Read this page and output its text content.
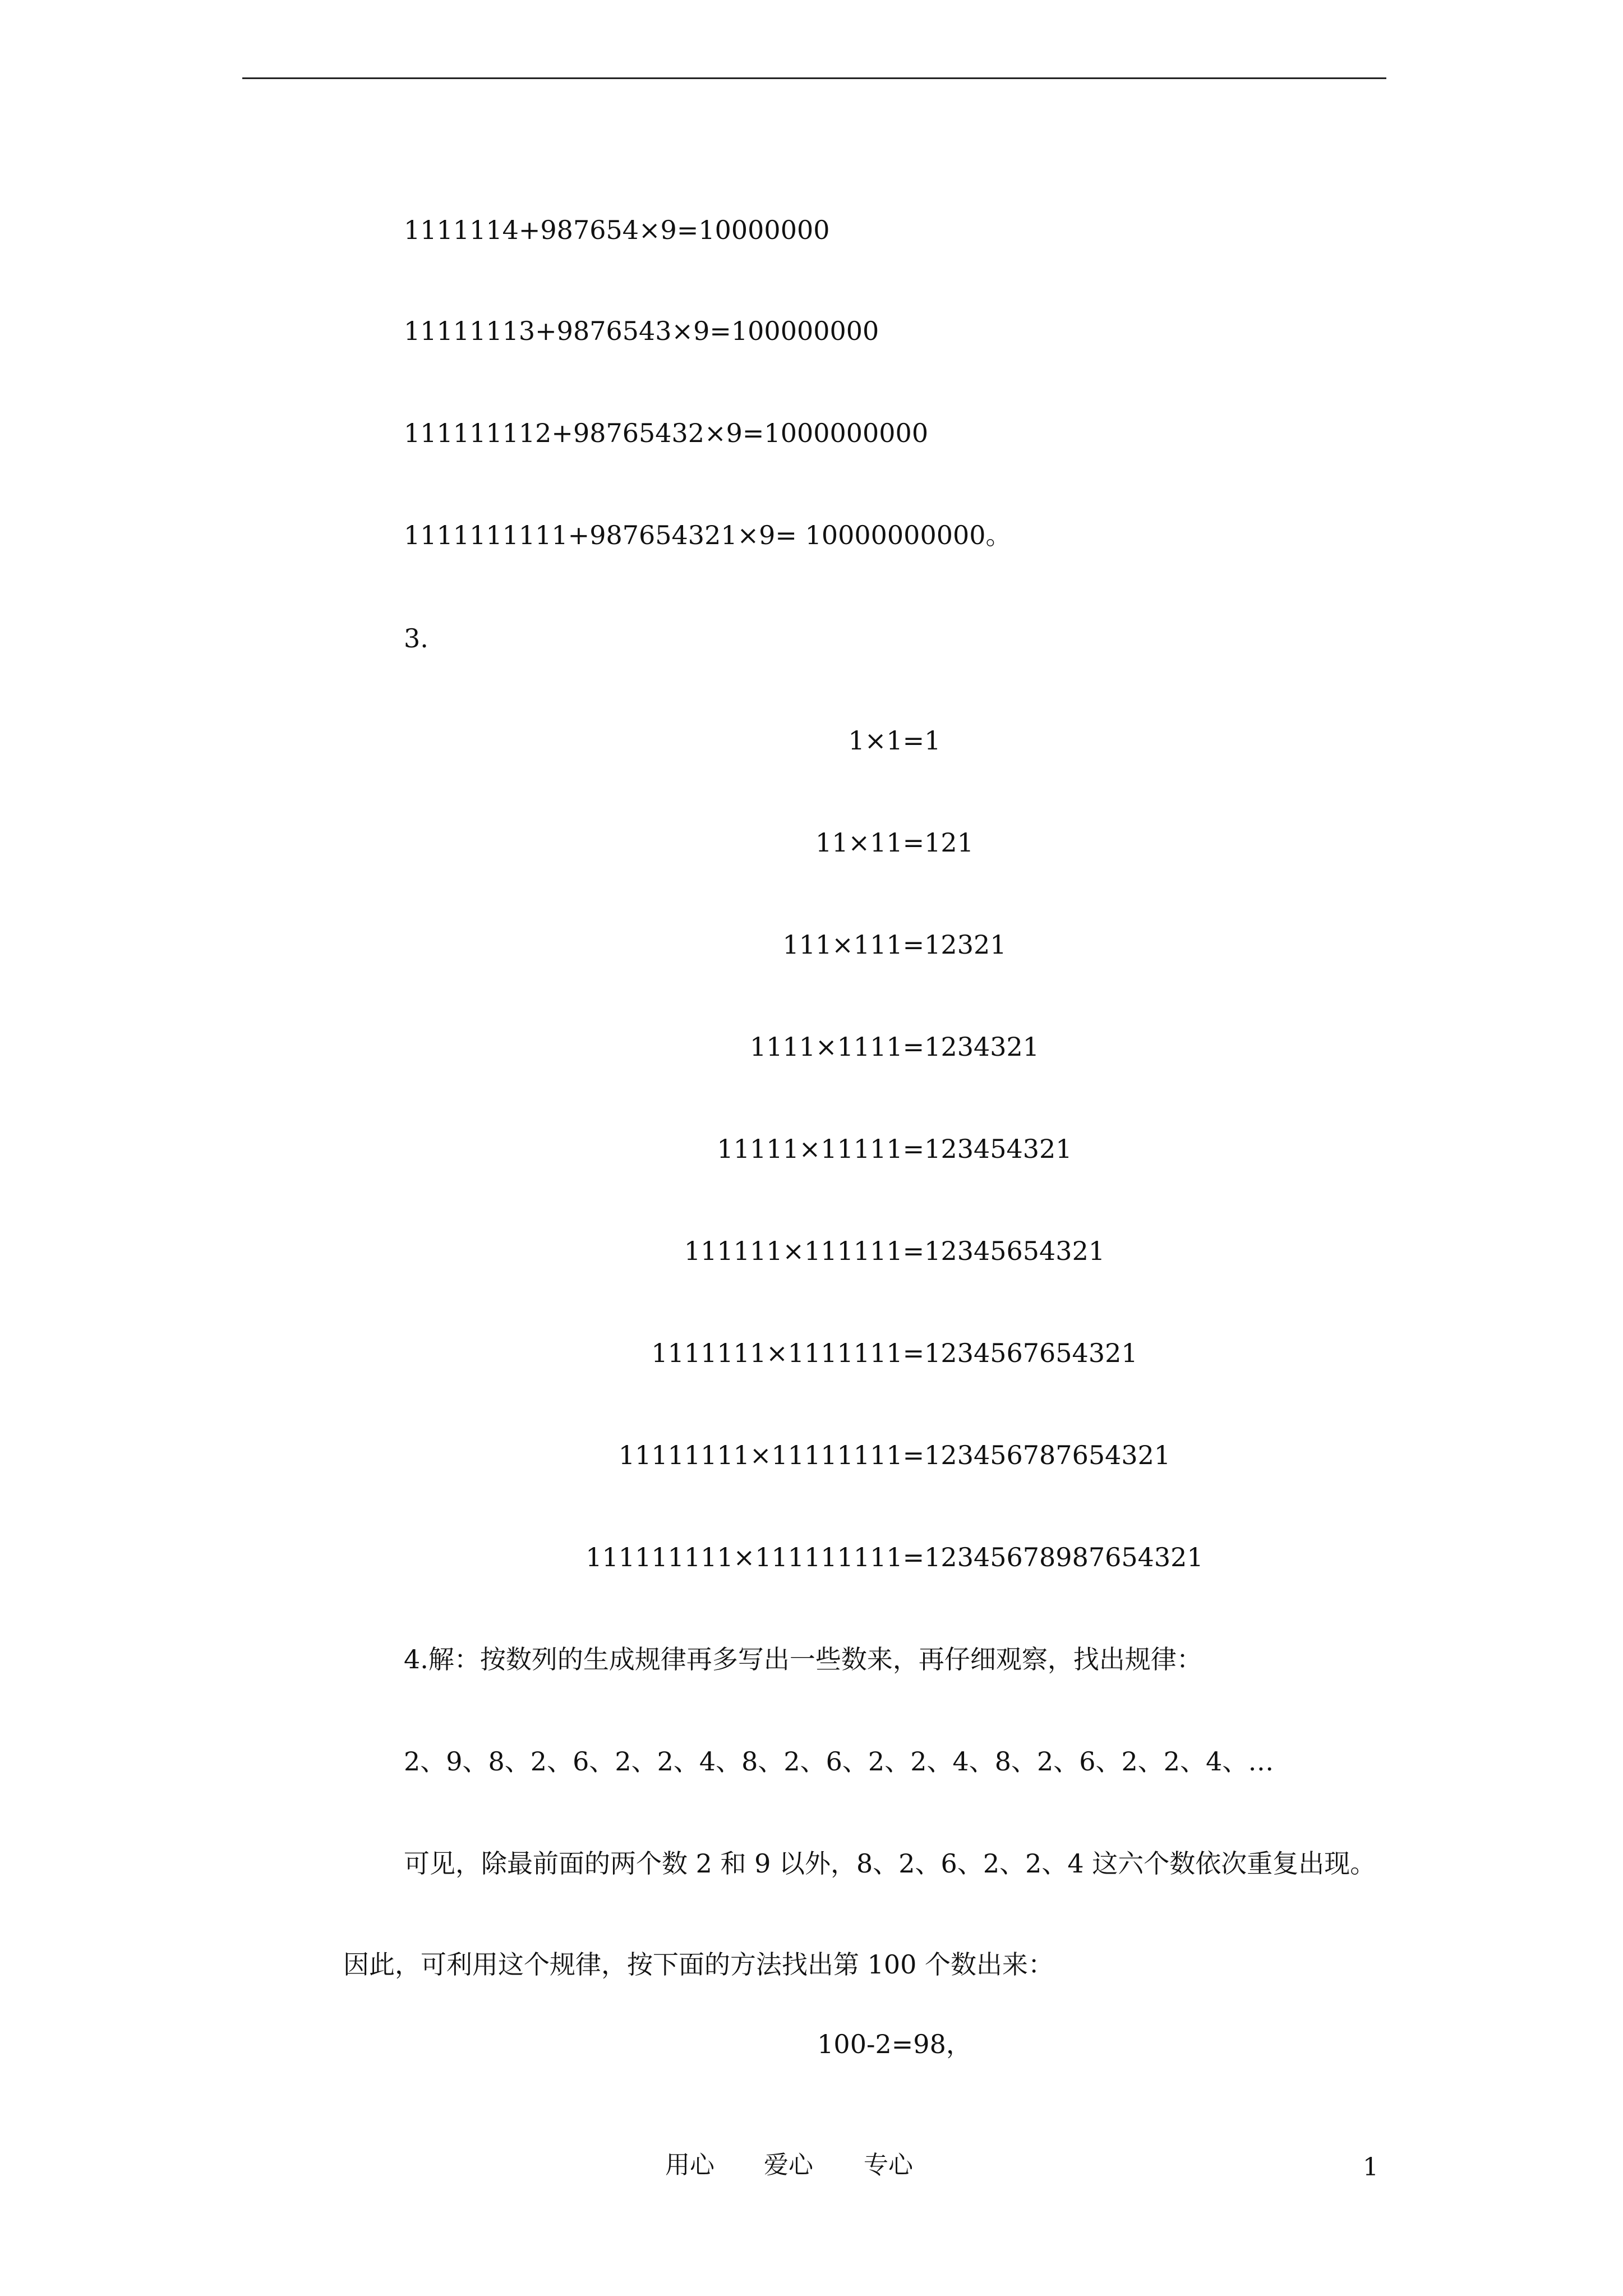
1111114+987654×9=10000000
11111113+9876543×9=100000000
111111112+98765432×9=1000000000
1111111111+987654321×9= 10000000000。
3.
1×1=1
11×11=121
111×111=12321
1111×1111=1234321
11111×11111=123454321
111111×111111=12345654321
1111111×1111111=1234567654321
11111111×11111111=123456787654321
111111111×111111111=12345678987654321
4.解：按数列的生成规律再多写出一些数来，再仔细观察，找出规律：
2、9、8、2、6、2、2、4、8、2、6、2、2、4、8、2、6、2、2、4、…
可见，除最前面的两个数 2 和 9 以外，8、2、6、2、2、4 这六个数依次重复出现。因此，可利用这个规律，按下面的方法找出第 100 个数出来：
100-2=98，
用心 爱心 专心	1
